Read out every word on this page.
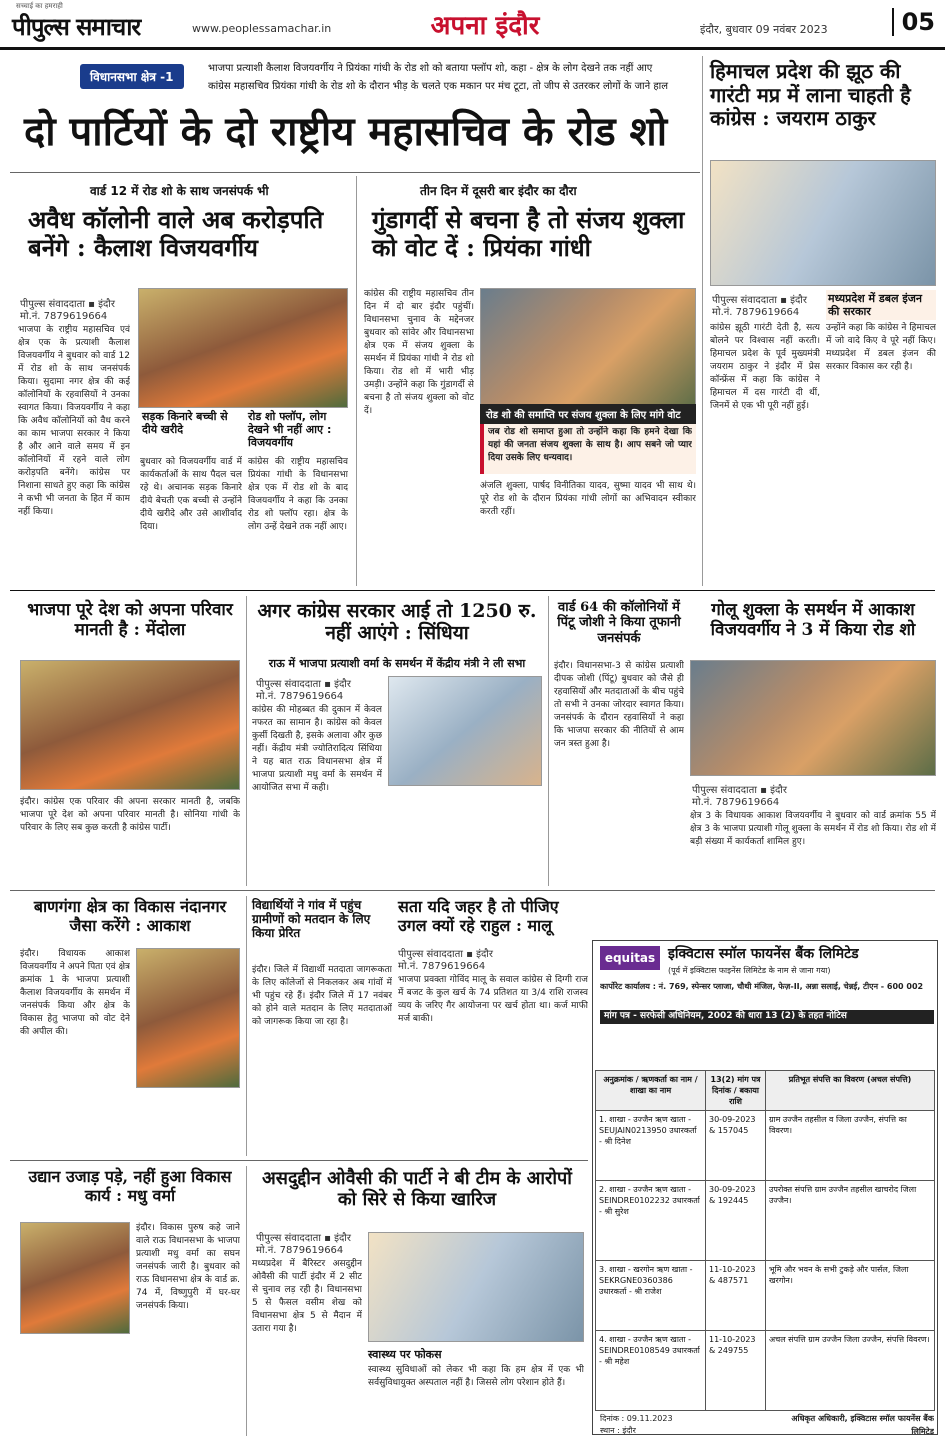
सच्चाई का हमराही
पीपुल्स समाचार	www.peoplessamachar.in	अपना इंदौर	इंदौर, बुधवार 09 नवंबर 2023	05
विधानसभा क्षेत्र -1
भाजपा प्रत्याशी कैलाश विजयवर्गीय ने प्रियंका गांधी के रोड शो को बताया फ्लॉप शो, कहा - क्षेत्र के लोग देखने तक नहीं आए
कांग्रेस महासचिव प्रियंका गांधी के रोड शो के दौरान भीड़ के चलते एक मकान पर मंच टूटा, तो जीप से उतरकर लोगों के जाने हाल
दो पार्टियों के दो राष्ट्रीय महासचिव के रोड शो
वार्ड 12 में रोड शो के साथ जनसंपर्क भी
अवैध कॉलोनी वाले अब करोड़पति बनेंगे : कैलाश विजयवर्गीय
पीपुल्स संवाददाता ▪ इंदौर
मो.नं. 7879619664
भाजपा के राष्ट्रीय महासचिव एवं क्षेत्र एक के प्रत्याशी कैलाश विजयवर्गीय ने बुधवार को वार्ड 12 में रोड शो के साथ जनसंपर्क किया। सुदामा नगर क्षेत्र की कई कॉलोनियों के रहवासियों ने उनका स्वागत किया। विजयवर्गीय ने कहा कि अवैध कॉलोनियों को वैध करने का काम भाजपा सरकार ने किया है और आने वाले समय में इन कॉलोनियों में रहने वाले लोग करोड़पति बनेंगे। कांग्रेस पर निशाना साधते हुए कहा कि कांग्रेस ने कभी भी जनता के हित में काम नहीं किया।
सड़क किनारे बच्ची से दीये खरीदे
रोड शो फ्लॉप, लोग देखने भी नहीं आए : विजयवर्गीय
बुधवार को विजयवर्गीय वार्ड में कार्यकर्ताओं के साथ पैदल चल रहे थे। अचानक सड़क किनारे दीये बेचती एक बच्ची से उन्होंने दीये खरीदे और उसे आशीर्वाद दिया।
कांग्रेस की राष्ट्रीय महासचिव प्रियंका गांधी के विधानसभा क्षेत्र एक में रोड शो के बाद विजयवर्गीय ने कहा कि उनका रोड शो फ्लॉप रहा। क्षेत्र के लोग उन्हें देखने तक नहीं आए।
तीन दिन में दूसरी बार इंदौर का दौरा
गुंडागर्दी से बचना है तो संजय शुक्ला को वोट दें : प्रियंका गांधी
कांग्रेस की राष्ट्रीय महासचिव तीन दिन में दो बार इंदौर पहुंचीं। विधानसभा चुनाव के मद्देनजर बुधवार को सांवेर और विधानसभा क्षेत्र एक में संजय शुक्ला के समर्थन में प्रियंका गांधी ने रोड शो किया। रोड शो में भारी भीड़ उमड़ी। उन्होंने कहा कि गुंडागर्दी से बचना है तो संजय शुक्ला को वोट दें।	रोड शो की समाप्ति पर संजय शुक्ला के लिए मांगे वोट
जब रोड शो समाप्त हुआ तो उन्होंने कहा कि हमने देखा कि यहां की जनता संजय शुक्ला के साथ है। आप सबने जो प्यार दिया उसके लिए धन्यवाद।
अंजलि शुक्ला, पार्षद विनीतिका यादव, सुष्मा यादव भी साथ थे। पूरे रोड शो के दौरान प्रियंका गांधी लोगों का अभिवादन स्वीकार करती रहीं।
हिमाचल प्रदेश की झूठ की गारंटी मप्र में लाना चाहती है कांग्रेस : जयराम ठाकुर
पीपुल्स संवाददाता ▪ इंदौर
मो.नं. 7879619664
मध्यप्रदेश में डबल इंजन की सरकार
उन्होंने कहा कि कांग्रेस ने हिमाचल में जो वादे किए वे पूरे नहीं किए। मध्यप्रदेश में डबल इंजन की सरकार विकास कर रही है।
कांग्रेस झूठी गारंटी देती है, सत्य बोलने पर विश्वास नहीं करती। हिमाचल प्रदेश के पूर्व मुख्यमंत्री जयराम ठाकुर ने इंदौर में प्रेस कॉन्फ्रेंस में कहा कि कांग्रेस ने हिमाचल में दस गारंटी दी थीं, जिनमें से एक भी पूरी नहीं हुई।
भाजपा पूरे देश को अपना परिवार मानती है : मेंदोला
इंदौर। कांग्रेस एक परिवार की अपना सरकार मानती है, जबकि भाजपा पूरे देश को अपना परिवार मानती है। सोनिया गांधी के परिवार के लिए सब कुछ करती है कांग्रेस पार्टी।
अगर कांग्रेस सरकार आई तो 1250 रु. नहीं आएंगे : सिंधिया
राऊ में भाजपा प्रत्याशी वर्मा के समर्थन में केंद्रीय मंत्री ने ली सभा
पीपुल्स संवाददाता ▪ इंदौर
मो.नं. 7879619664
कांग्रेस की मोहब्बत की दुकान में केवल नफरत का सामान है। कांग्रेस को केवल कुर्सी दिखती है, इसके अलावा और कुछ नहीं। केंद्रीय मंत्री ज्योतिरादित्य सिंधिया ने यह बात राऊ विधानसभा क्षेत्र में भाजपा प्रत्याशी मधु वर्मा के समर्थन में आयोजित सभा में कही।
वार्ड 64 की कॉलोनियों में पिंटू जोशी ने किया तूफानी जनसंपर्क
इंदौर। विधानसभा-3 से कांग्रेस प्रत्याशी दीपक जोशी (पिंटू) बुधवार को जैसे ही रहवासियों और मतदाताओं के बीच पहुंचे तो सभी ने उनका जोरदार स्वागत किया। जनसंपर्क के दौरान रहवासियों ने कहा कि भाजपा सरकार की नीतियों से आम जन त्रस्त हुआ है।
गोलू शुक्ला के समर्थन में आकाश विजयवर्गीय ने 3 में किया रोड शो
पीपुल्स संवाददाता ▪ इंदौर
मो.नं. 7879619664
क्षेत्र 3 के विधायक आकाश विजयवर्गीय ने बुधवार को वार्ड क्रमांक 55 में क्षेत्र 3 के भाजपा प्रत्याशी गोलू शुक्ला के समर्थन में रोड शो किया। रोड शो में बड़ी संख्या में कार्यकर्ता शामिल हुए।
बाणगंगा क्षेत्र का विकास नंदानगर जैसा करेंगे : आकाश
इंदौर। विधायक आकाश विजयवर्गीय ने अपने पिता एवं क्षेत्र क्रमांक 1 के भाजपा प्रत्याशी कैलाश विजयवर्गीय के समर्थन में जनसंपर्क किया और क्षेत्र के विकास हेतु भाजपा को वोट देने की अपील की।
विद्यार्थियों ने गांव में पहुंच ग्रामीणों को मतदान के लिए किया प्रेरित
इंदौर। जिले में विद्यार्थी मतदाता जागरूकता के लिए कॉलेजों से निकलकर अब गांवों में भी पहुंच रहे हैं। इंदौर जिले में 17 नवंबर को होने वाले मतदान के लिए मतदाताओं को जागरूक किया जा रहा है।
सता यदि जहर है तो पीजिए उगल क्यों रहे राहुल : मालू
पीपुल्स संवाददाता ▪ इंदौर
मो.नं. 7879619664
भाजपा प्रवक्ता गोविंद मालू के सवाल कांग्रेस से दिग्गी राज में बजट के कुल खर्च के 74 प्रतिशत या 3/4 राशि राजस्व व्यय के जरिए गैर आयोजना पर खर्च होता था। कर्ज माफी मर्ज बाकी।
equitas इक्विटास स्मॉल फायनेंस बैंक लिमिटेड
(पूर्व में इक्विटास फाइनेंस लिमिटेड के नाम से जाना गया)
कार्पोरेट कार्यालय : नं. 769, स्पेन्सर प्लाजा, चौथी मंजिल, फेज़-II, अन्ना सलाई, चेन्नई, टीएन - 600 002
मांग पत्र - सरफेसी अधिनियम, 2002 की धारा 13 (2) के तहत नोटिस
अनुक्रमांक / ऋणकर्ता का नाम / शाखा का नाम	13(2) मांग पत्र दिनांक / बकाया राशि	प्रतिभूत संपत्ति का विवरण (अचल संपत्ति)
1. शाखा - उज्जैन ऋण खाता - SEUJAIN0213950 उधारकर्ता - श्री दिनेश	30-09-2023 & 157045	ग्राम उज्जैन तहसील व जिला उज्जैन, संपत्ति का विवरण।
2. शाखा - उज्जैन ऋण खाता - SEINDRE0102232 उधारकर्ता - श्री सुरेश	30-09-2023 & 192445	उपरोक्त संपत्ति ग्राम उज्जैन तहसील खाचरोद जिला उज्जैन।
3. शाखा - खरगोन ऋण खाता - SEKRGNE0360386 उधारकर्ता - श्री राजेश	11-10-2023 & 487571	भूमि और भवन के सभी टुकड़े और पार्सल, जिला खरगोन।
4. शाखा - उज्जैन ऋण खाता - SEINDRE0108549 उधारकर्ता - श्री महेश	11-10-2023 & 249755	अचल संपत्ति ग्राम उज्जैन जिला उज्जैन, संपत्ति विवरण।
दिनांक : 09.11.2023
स्थान : इंदौर
अधिकृत अधिकारी, इक्विटास स्मॉल फायनेंस बैंक लिमिटेड
उद्यान उजाड़ पड़े, नहीं हुआ विकास कार्य : मधु वर्मा
इंदौर। विकास पुरुष कहे जाने वाले राऊ विधानसभा के भाजपा प्रत्याशी मधु वर्मा का सघन जनसंपर्क जारी है। बुधवार को राऊ विधानसभा क्षेत्र के वार्ड क्र. 74 में, विष्णुपुरी में घर-घर जनसंपर्क किया।
असदुद्दीन ओवैसी की पार्टी ने बी टीम के आरोपों को सिरे से किया खारिज
पीपुल्स संवाददाता ▪ इंदौर
मो.नं. 7879619664
मध्यप्रदेश में बैरिस्टर असदुद्दीन ओवैसी की पार्टी इंदौर में 2 सीट से चुनाव लड़ रही है। विधानसभा 5 से फैसल वसीम शेख को विधानसभा क्षेत्र 5 से मैदान में उतारा गया है।
स्वास्थ्य पर फोकस
स्वास्थ्य सुविधाओं को लेकर भी कहा कि हम क्षेत्र में एक भी सर्वसुविधायुक्त अस्पताल नहीं है। जिससे लोग परेशान होते हैं।
